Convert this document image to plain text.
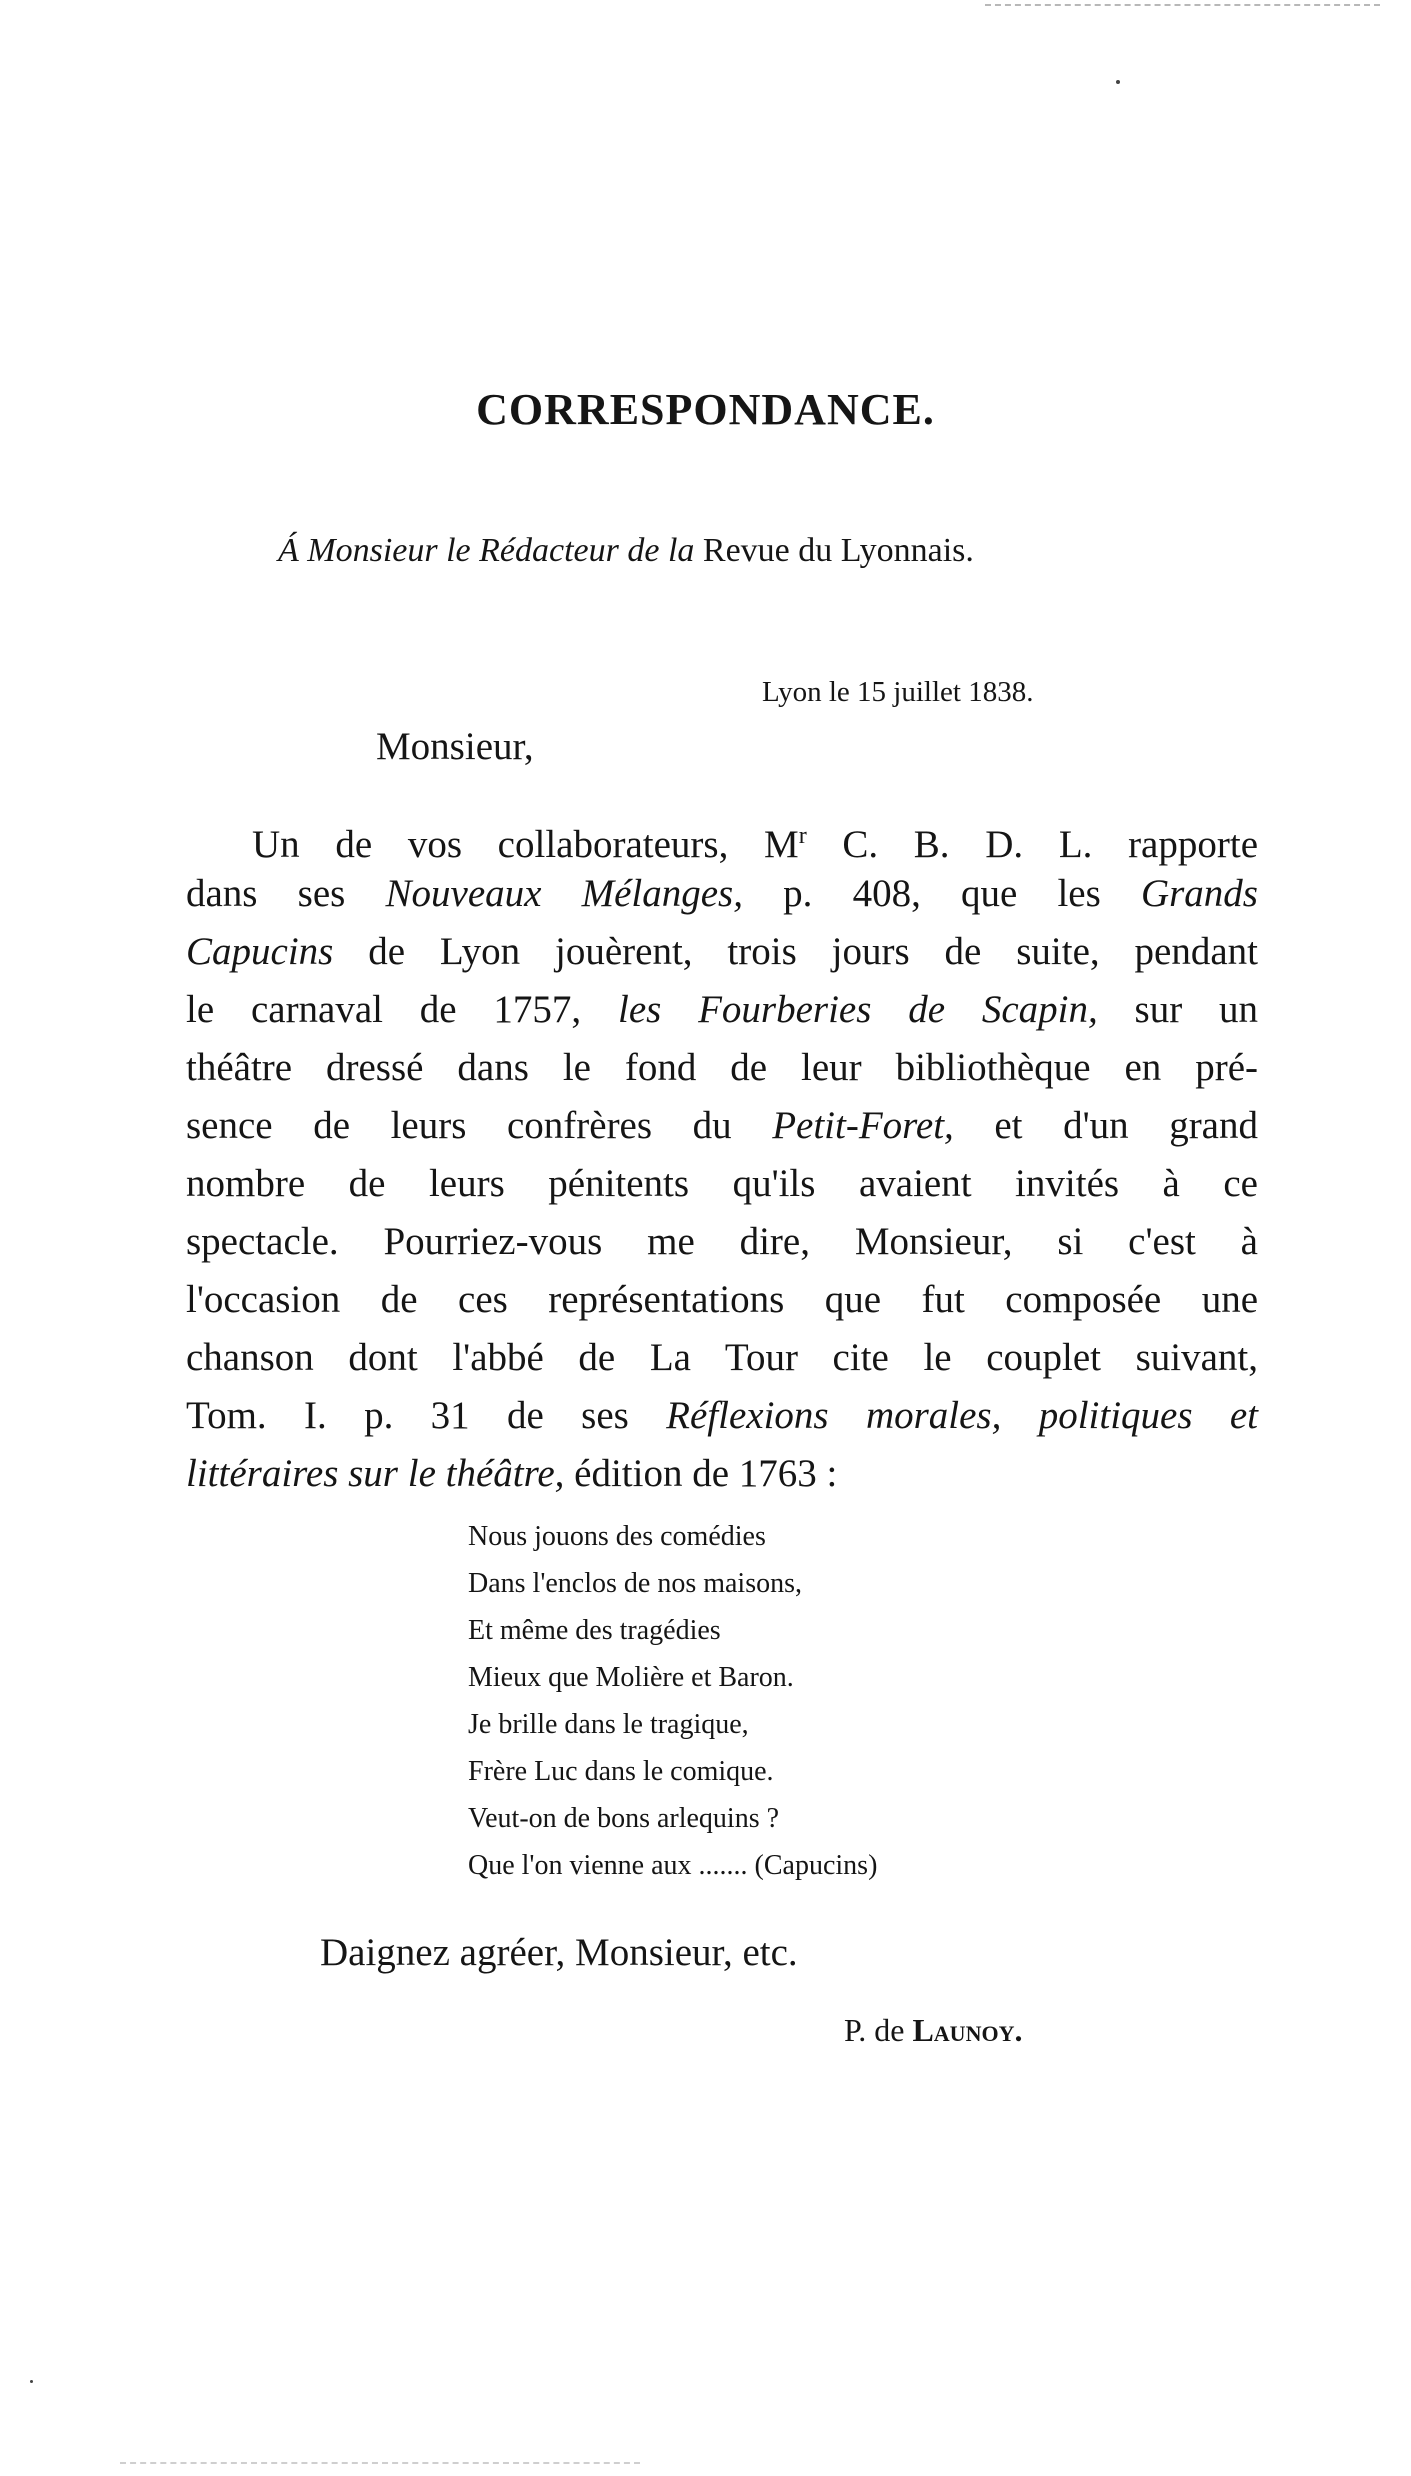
CORRESPONDANCE.
Á Monsieur le Rédacteur de la Revue du Lyonnais.
Lyon le 15 juillet 1838.
Monsieur,
Un de vos collaborateurs, $M^r$ C. B. D. L. rapporte
dans ses Nouveaux Mélanges, p. 408, que les Grands
Capucins de Lyon jouèrent, trois jours de suite, pendant
le carnaval de 1757, les Fourberies de Scapin, sur un
théâtre dressé dans le fond de leur bibliothèque en pré-
sence de leurs confrères du Petit-Foret, et d'un grand
nombre de leurs pénitents qu'ils avaient invités à ce
spectacle. Pourriez-vous me dire, Monsieur, si c'est à
l'occasion de ces représentations que fut composée une
chanson dont l'abbé de La Tour cite le couplet suivant,
Tom. I. p. 31 de ses Réflexions morales, politiques et
littéraires sur le théâtre, édition de 1763 :
Nous jouons des comédies
Dans l'enclos de nos maisons,
Et même des tragédies
Mieux que Molière et Baron.
Je brille dans le tragique,
Frère Luc dans le comique.
Veut-on de bons arlequins ?
Que l'on vienne aux ....... (Capucins)
Daignez agréer, Monsieur, etc.
P. de Launoy.
